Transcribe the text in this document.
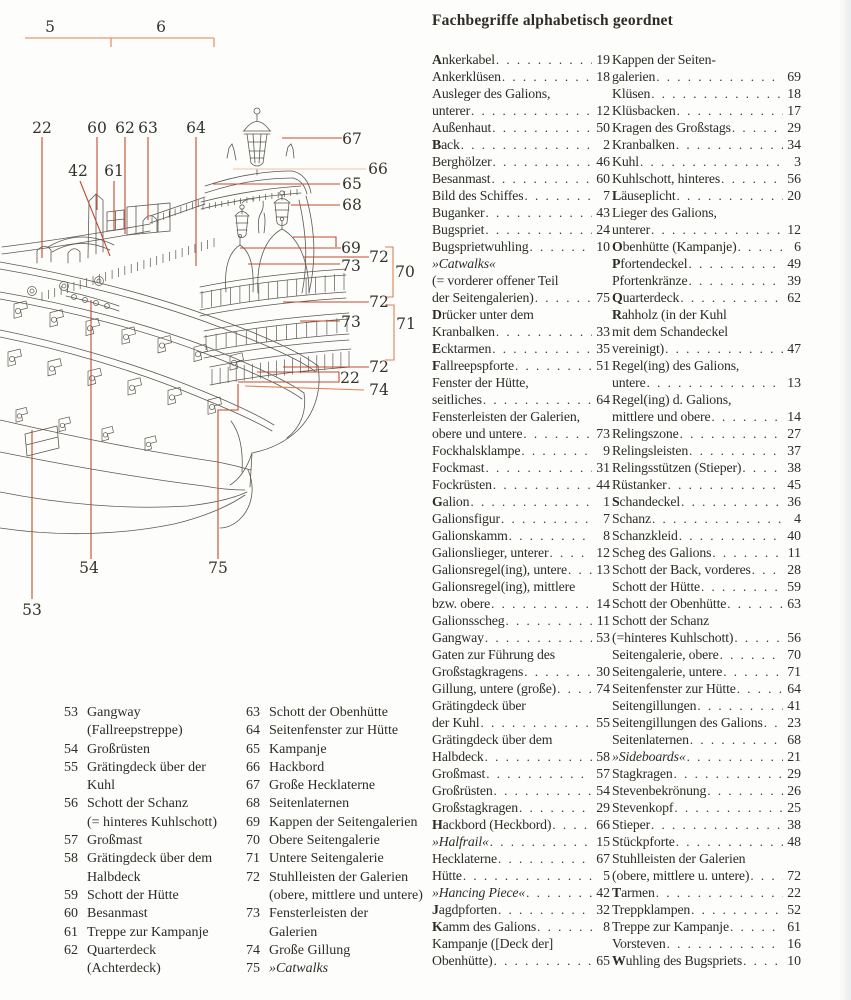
5	6
22 60 62 63 64
42 61
67
66
65
68
69 72
73 70
72
73 71
72
22
74
54	75
53
Fachbegriffe alphabetisch geordnet
Ankerkabel . . .	19
Ankerklüsen . . .	18
Ausleger des Galions,
unterer . . .	12
Außenhaut . . .	50
Back . . .	2
Berghölzer . . .	46
Besanmast . . .	60
Bild des Schiffes . . .	7
Buganker . . .	43
Bugspriet . . .	24
Bugsprietwuhling . . .	10
»Catwalks«
(= vorderer offener Teil
der Seitengalerien) . . .	75
Drücker unter dem
Kranbalken . . .	33
Ecktarmen . . .	35
Fallreepspforte . . .	51
Fenster der Hütte,
seitliches . . .	64
Fensterleisten der Galerien,
obere und untere . . .	73
Fockhalsklampe . . .	9
Fockmast . . .	31
Fockrüsten . . .	44
Galion . . .	1
Galionsfigur . . .	7
Galionskamm . . .	8
Galionslieger, unterer . . .	12
Galionsregel(ing), untere . . . 13
Galionsregel(ing), mittlere
bzw. obere . . .	14
Galionsscheg . . .	11
Gangway . . .	53
Gaten zur Führung des
Großstagkragens . . .	30
Gillung, untere (große) . . .	74
Grätingdeck über
der Kuhl . . .	55
Grätingdeck über dem
Halbdeck . . .	58
Großmast . . .	57
Großrüsten . . .	54
Großstagkragen . . .	29
Hackbord (Heckbord) . . .	66
»Halfrail« . . .	15
Hecklaterne . . .	67
Hütte . . .	5
»Hancing Piece« . . .	42
Jagdpforten . . .	32
Kamm des Galions . . .	8
Kampanje ([Deck der]
Obenhütte) . . .	65
Kappen der Seiten-
galerien . . .	69
Klüsen . . .	18
Klüsbacken . . .	17
Kragen des Großstags . . .	29
Kranbalken . . .	34
Kuhl . . .	3
Kuhlschott, hinteres . . .	56
Läuseplicht . . .	20
Lieger des Galions,
unterer . . .	12
Obenhütte (Kampanje) . . .	6
Pfortendeckel . . .	49
Pfortenkränze . . .	39
Quarterdeck . . .	62
Rahholz (in der Kuhl
mit dem Schandeckel
vereinigt) . . .	47
Regel(ing) des Galions,
untere . . .	13
Regel(ing) d. Galions,
mittlere und obere . . .	14
Relingszone . . .	27
Relingsleisten . . .	37
Relingsstützen (Stieper) . . .	38
Rüstanker . . .	45
Schandeckel . . .	36
Schanz . . .	4
Schanzkleid . . .	40
Scheg des Galions . . .	11
Schott der Back, vorderes . . .	28
Schott der Hütte . . .	59
Schott der Obenhütte . . .	63
Schott der Schanz
(=hinteres Kuhlschott) . . .	56
Seitengalerie, obere . . .	70
Seitengalerie, untere . . .	71
Seitenfenster zur Hütte . . .	64
Seitengillungen . . .	41
Seitengillungen des Galions . . . 23
Seitenlaternen . . .	68
»Sideboards« . . .	21
Stagkragen . . .	29
Stevenbekrönung . . .	26
Stevenkopf . . .	25
Stieper . . .	38
Stückpforte . . .	48
Stuhlleisten der Galerien
(obere, mittlere u. untere) . . .	72
Tarmen . . .	22
Treppklampen . . .	52
Treppe zur Kampanje . . .	61
Vorsteven . . .	16
Wuhling des Bugspriets . . .	10
53 Gangway
(Fallreepstreppe)
54 Großrüsten
55 Grätingdeck über der
Kuhl
56 Schott der Schanz
(= hinteres Kuhlschott)
57 Großmast
58 Grätingdeck über dem
Halbdeck
59 Schott der Hütte
60 Besanmast
61 Treppe zur Kampanje
62 Quarterdeck
(Achterdeck)
63 Schott der Obenhütte
64 Seitenfenster zur Hütte
65 Kampanje
66 Hackbord
67 Große Hecklaterne
68 Seitenlaternen
69 Kappen der Seitengalerien
70 Obere Seitengalerie
71 Untere Seitengalerie
72 Stuhlleisten der Galerien
(obere, mittlere und untere)
73 Fensterleisten der
Galerien
74 Große Gillung
75 »Catwalks
